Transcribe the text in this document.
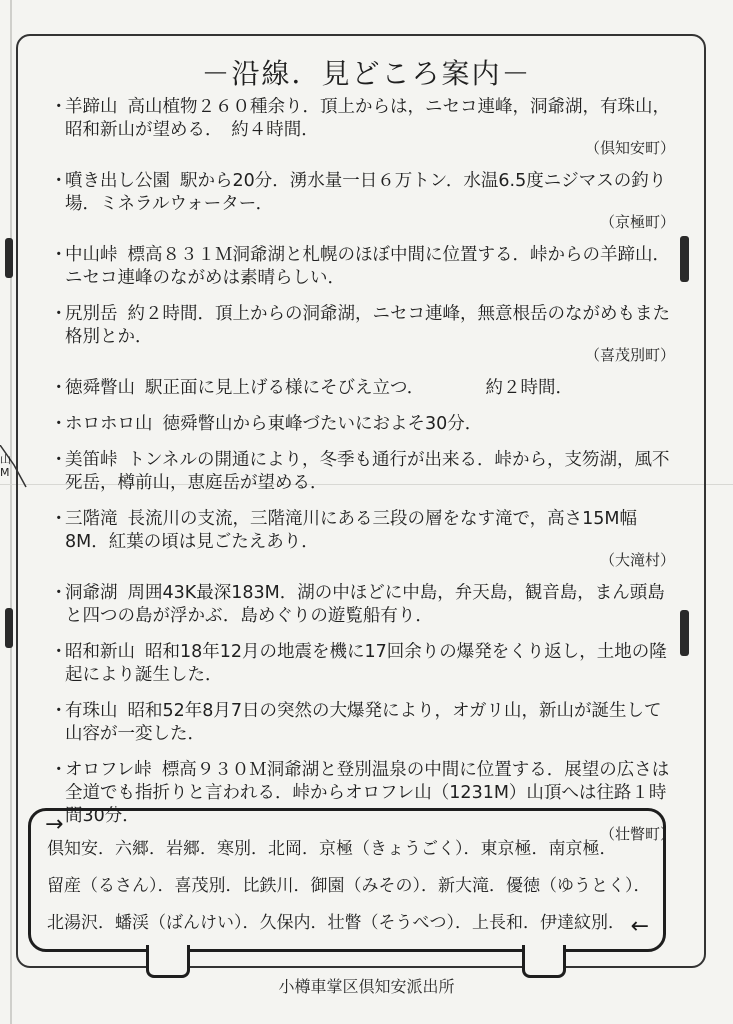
山
M
－沿線．見どころ案内－
・
羊蹄山 高山植物２６０種余り．頂上からは，ニセコ連峰，洞爺湖，有珠山，昭和新山が望める．　約４時間．
（倶知安町）
・
噴き出し公園 駅から20分．湧水量一日６万トン．水温6.5度ニジマスの釣り場．ミネラルウォーター．
（京極町）
・
中山峠 標高８３１Ｍ洞爺湖と札幌のほぼ中間に位置する．峠からの羊蹄山．ニセコ連峰のながめは素晴らしい．
・
尻別岳 約２時間．頂上からの洞爺湖，ニセコ連峰，無意根岳のながめもまた格別とか．
（喜茂別町）
・
徳舜瞥山 駅正面に見上げる様にそびえ立つ．　　　　約２時間．
・
ホロホロ山 徳舜瞥山から東峰づたいにおよそ30分．
・
美笛峠 トンネルの開通により，冬季も通行が出来る．峠から，支笏湖，風不死岳，樽前山，恵庭岳が望める．
・
三階滝 長流川の支流，三階滝川にある三段の層をなす滝で，高さ15M幅8M．紅葉の頃は見ごたえあり．
（大滝村）
・
洞爺湖 周囲43K最深183M．湖の中ほどに中島，弁天島，観音島，まん頭島と四つの島が浮かぶ．島めぐりの遊覧船有り．
・
昭和新山 昭和18年12月の地震を機に17回余りの爆発をくり返し，土地の隆起により誕生した．
・
有珠山 昭和52年8月7日の突然の大爆発により，オガリ山，新山が誕生して山容が一変した．
・
オロフレ峠 標高９３０Ｍ洞爺湖と登別温泉の中間に位置する．展望の広さは全道でも指折りと言われる．峠からオロフレ山（1231M）山頂へは往路１時間30分．
（壮瞥町）
→
倶知安．六郷．岩郷．寒別．北岡．京極（きょうごく）．東京極．南京極．
留産（るさん）．喜茂別．比鉄川．御園（みその）．新大滝．優徳（ゆうとく）．
北湯沢．蟠渓（ばんけい）．久保内．壮瞥（そうべつ）．上長和．伊達紋別． ←
小樽車掌区倶知安派出所
